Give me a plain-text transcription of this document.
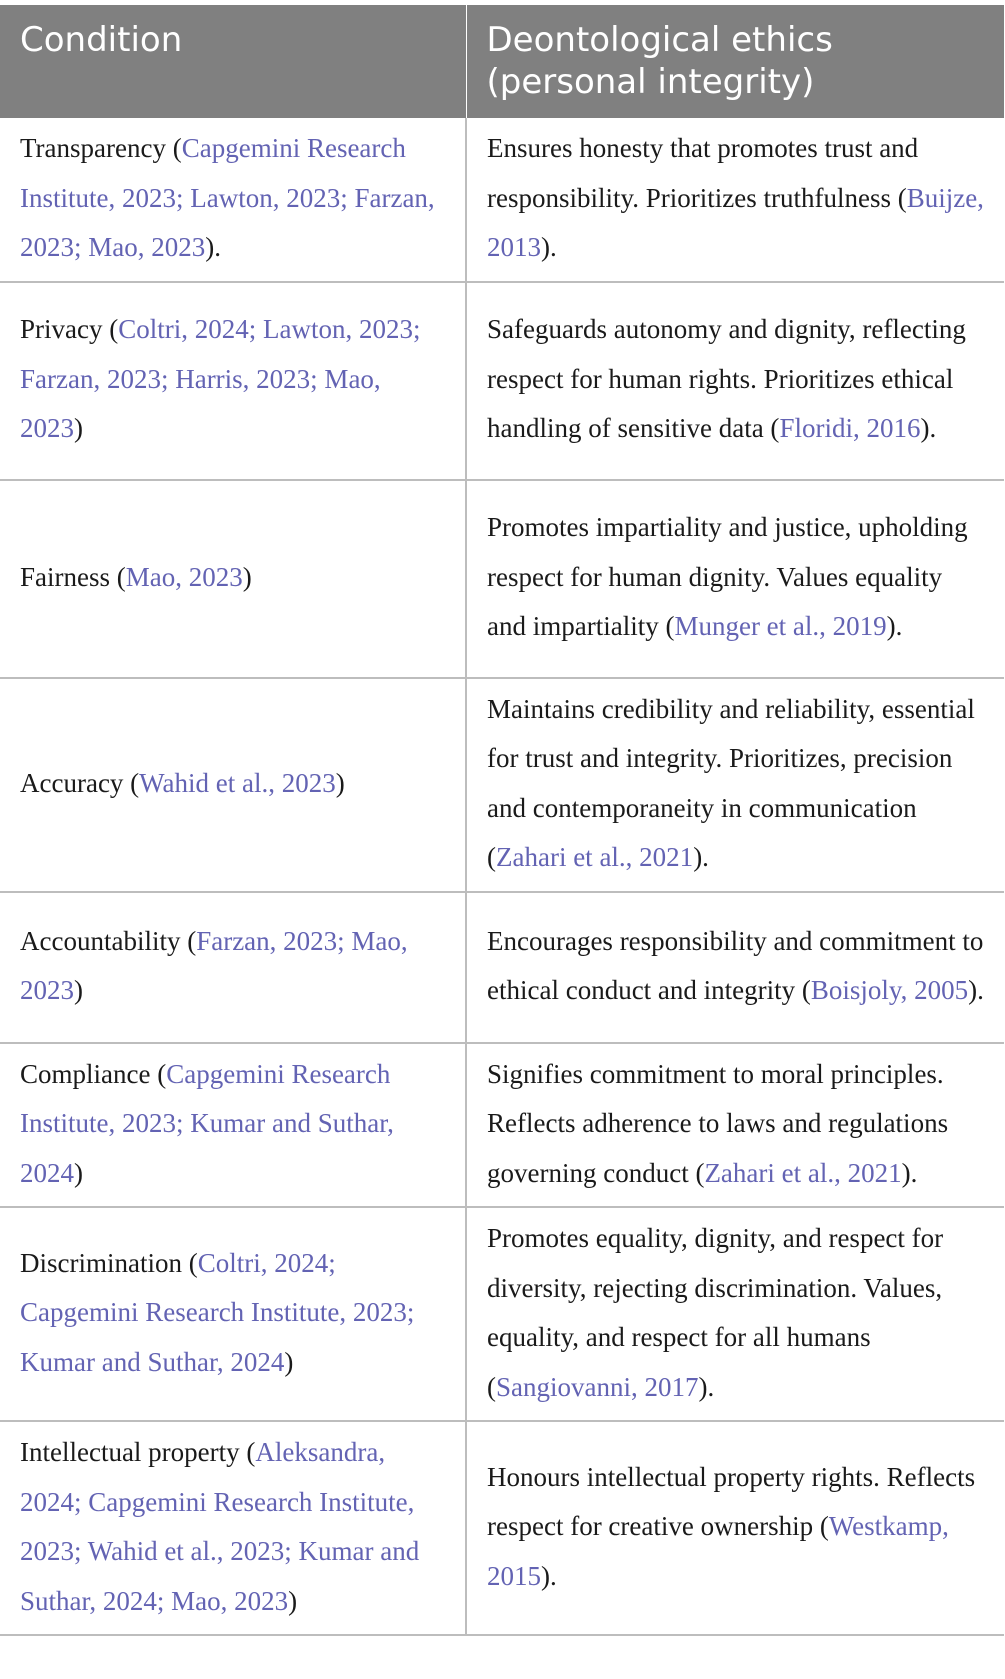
Condition	Deontological ethics (personal integrity)
Transparency (Capgemini Research Institute, 2023; Lawton, 2023; Farzan, 2023; Mao, 2023).	Ensures honesty that promotes trust and responsibility. Prioritizes truthfulness (Buijze, 2013).
Privacy (Coltri, 2024; Lawton, 2023; Farzan, 2023; Harris, 2023; Mao, 2023)	Safeguards autonomy and dignity, reflecting respect for human rights. Prioritizes ethical handling of sensitive data (Floridi, 2016).
Fairness (Mao, 2023)	Promotes impartiality and justice, upholding respect for human dignity. Values equality and impartiality (Munger et al., 2019).
Accuracy (Wahid et al., 2023)	Maintains credibility and reliability, essential for trust and integrity. Prioritizes, precision and contemporaneity in communication (Zahari et al., 2021).
Accountability (Farzan, 2023; Mao, 2023)	Encourages responsibility and commitment to ethical conduct and integrity (Boisjoly, 2005).
Compliance (Capgemini Research Institute, 2023; Kumar and Suthar, 2024)	Signifies commitment to moral principles. Reflects adherence to laws and regulations governing conduct (Zahari et al., 2021).
Discrimination (Coltri, 2024; Capgemini Research Institute, 2023; Kumar and Suthar, 2024)	Promotes equality, dignity, and respect for diversity, rejecting discrimination. Values, equality, and respect for all humans (Sangiovanni, 2017).
Intellectual property (Aleksandra, 2024; Capgemini Research Institute, 2023; Wahid et al., 2023; Kumar and Suthar, 2024; Mao, 2023)	Honours intellectual property rights. Reflects respect for creative ownership (Westkamp, 2015).
